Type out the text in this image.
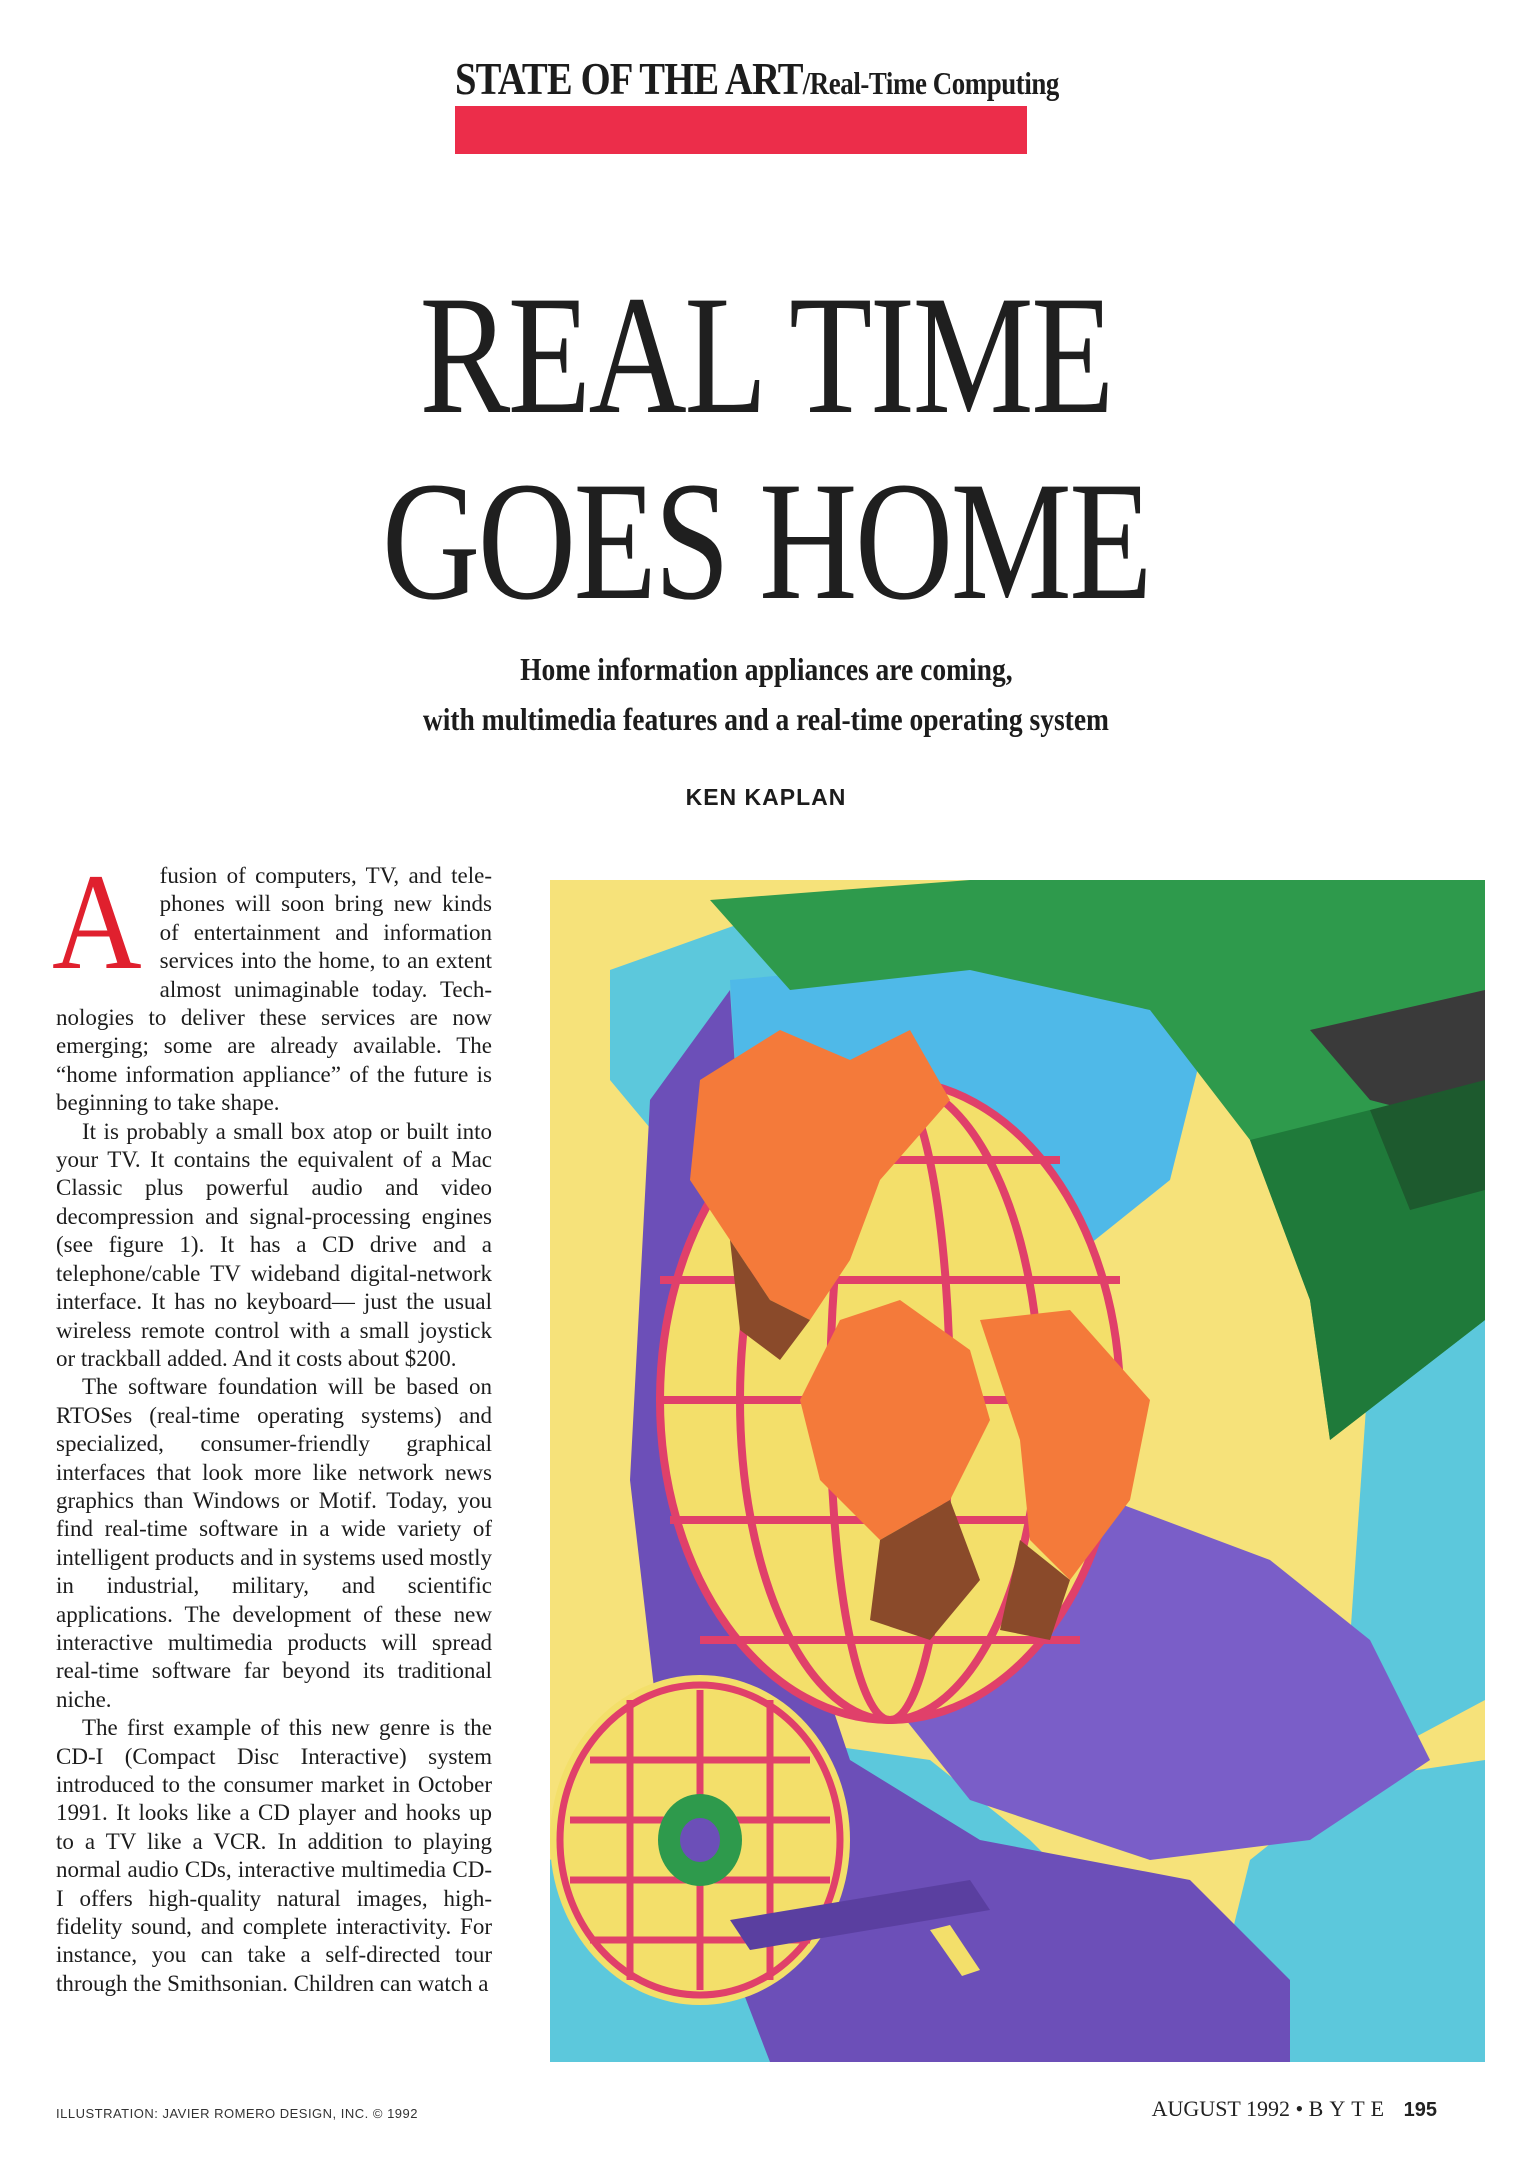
STATE OF THE ART/Real-Time Computing
REAL TIME
GOES HOME
Home information appliances are coming,
with multimedia features and a real-time operating system
KEN KAPLAN

Afusion of computers, TV, and telephones will soon bring new kinds of entertainment and information services into the home, to an extent almost unimaginable today. Technologies to deliver these services are now emerging; some are already available. The “home information appliance” of the future is beginning to take shape.

It is probably a small box atop or built into your TV. It contains the equivalent of a Mac Classic plus powerful audio and video decompression and signal-processing engines (see figure 1). It has a CD drive and a telephone/cable TV wideband digital-network interface. It has no keyboard— just the usual wireless remote control with a small joystick or trackball added. And it costs about $200.

The software foundation will be based on RTOSes (real-time operating systems) and specialized, consumer-friendly graphical interfaces that look more like network news graphics than Windows or Motif. Today, you find real-time software in a wide variety of intelligent products and in systems used mostly in industrial, military, and scientific applications. The development of these new interactive multimedia products will spread real-time software far beyond its traditional niche.

The first example of this new genre is the CD-I (Compact Disc Interactive) system introduced to the consumer market in October 1991. It looks like a CD player and hooks up to a TV like a VCR. In addition to playing normal audio CDs, interactive multimedia CD-I offers high-quality natural images, high-fidelity sound, and complete interactivity. For instance, you can take a self-directed tour through the Smithsonian. Children can watch a

ILLUSTRATION: JAVIER ROMERO DESIGN, INC. © 1992	AUGUST 1992 • BYTE 195
